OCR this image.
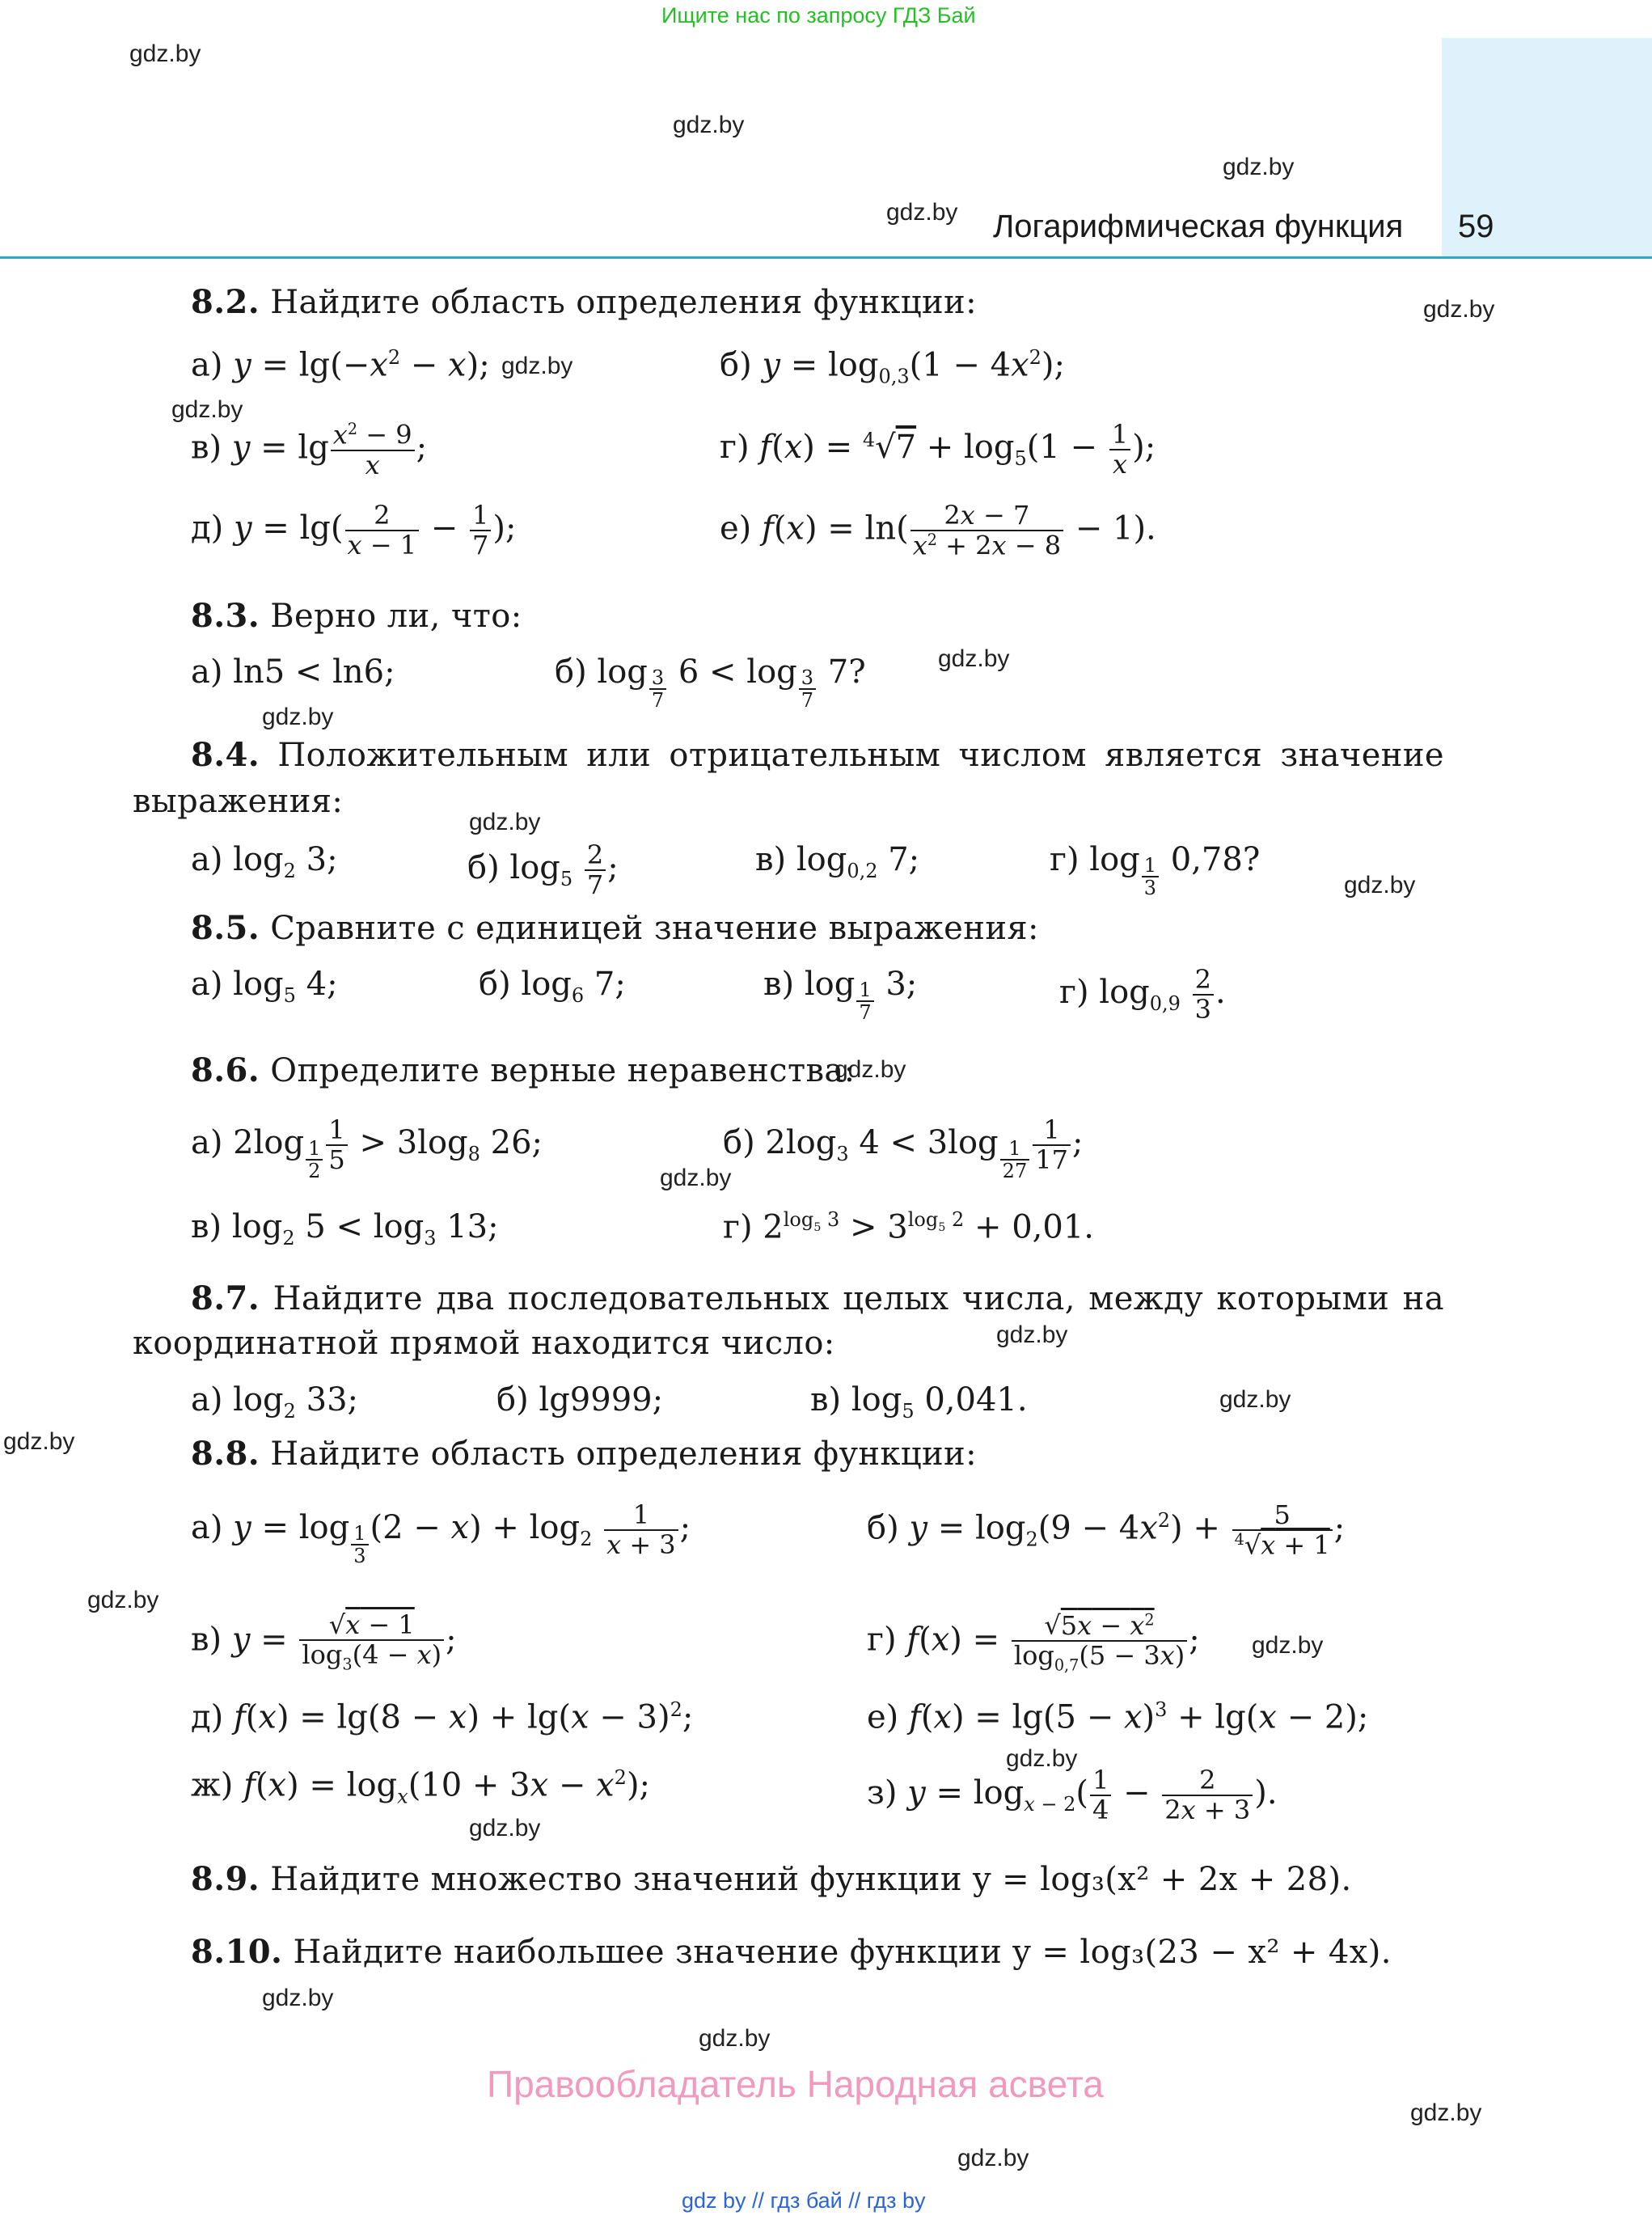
Ищите нас по запросу ГДЗ Бай
Логарифмическая функция 59
gdz.by
gdz.by
gdz.by
gdz.by
gdz.by
gdz.by
gdz.by
gdz.by
gdz.by
gdz.by
gdz.by
gdz.by
gdz.by
gdz.by
gdz.by
gdz.by
gdz.by
gdz.by
gdz.by
gdz.by
gdz.by
gdz.by
gdz.by
gdz.by
8.2. Найдите область определения функции:
а) $y = \lg(-x^2 - x)$;	б) $y = \log_{0,3}(1 - 4x^2)$;
в) $y = \lg \frac{x^2 - 9}{x}$ ;	г) $f(x) = ^4√7 + \log_5(1 - \frac{1}{x}$ );
д) $y = \lg( \frac{2}{x - 1} - \frac{1}{7}$ );	е) $f(x) = \ln( \frac{2x - 7}{x^2 + 2x - 8} - 1)$.
8.3. Верно ли, что:
а) ln5 < ln6;	б) $\log \frac{3}{7} 6 < \log \frac{3}{7} 7$?
8.4. Положительным или отрицательным числом является значение
выражения:
а) $\log_2 3$;	б) $\log_5 \frac{2}{7}$ ;	в) $\log_{0,2} 7$;	г) $\log \frac{1}{3} 0,78$?
8.5. Сравните с единицей значение выражения:
а) $\log_5 4$;	б) $\log_6 7$;	в) $\log \frac{1}{7} 3$;	г) $\log_{0,9} \frac{2}{3}$ .
8.6. Определите верные неравенства:
а) $2\log \frac{1}{2} \frac{1}{5} > 3\log_8$ 26;	б) $2\log_3$ $4 < 3\log \frac{1}{27} \frac{1}{17}$ ;
в) $\log_2 5 < \log_3 13$;	г) $2^{log_5 3} > 3^{log_5 2} + 0,01$.
8.7. Найдите два последовательных целых числа, между которыми на
координатной прямой находится число:
а) $\log_2 33$;	б) lg9999;	в) $\log_5 0,041$.
8.8. Найдите область определения функции:
а) $y = \log \frac{1}{3} (2 - x) + \log_2 \frac{1}{x + 3}$ ;	б) $y = \log_2(9 - 4x^2) + \frac{5}{^4√x + 1}$ ;
в) $y = \frac{√x - 1}{\log_3(4 - x)}$ ;	г) $f(x) = \frac{√5x - x^2}{\log_{0,7}(5 - 3x)}$ ;
д) $f(x) = \lg(8 - x) + \lg(x - 3)^2$;	е) $f(x) = \lg(5 - x)^3 + \lg(x - 2)$;
ж) $f(x) = \log_x(10 + 3x - x^2)$;	з) $y = \log_{x - 2}( \frac{1}{4} - \frac{2}{2x + 3}$ ).
8.9. Найдите множество значений функции y = log₃(x² + 2x + 28).
8.10. Найдите наибольшее значение функции y = log₃(23 − x² + 4x).
Правообладатель Народная асвета
gdz by // гдз бай // гдз by
